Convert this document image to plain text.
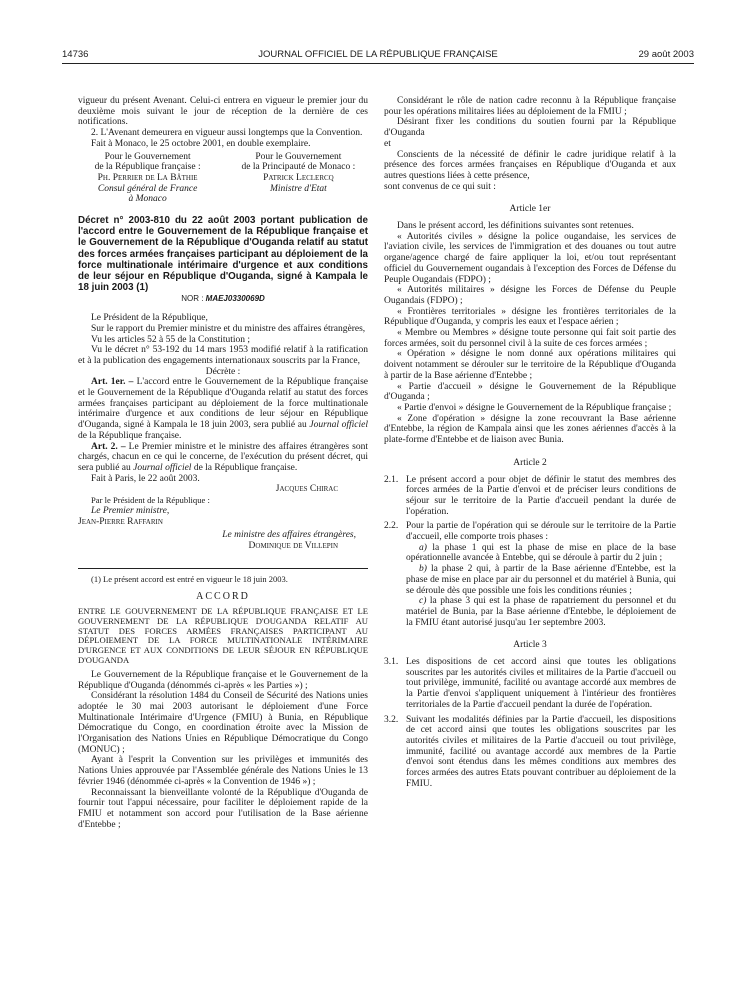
14736	JOURNAL OFFICIEL DE LA RÉPUBLIQUE FRANÇAISE	29 août 2003

vigueur du présent Avenant. Celui-ci entrera en vigueur le premier jour du deuxième mois suivant le jour de réception de la dernière de ces notifications.

2. L'Avenant demeurera en vigueur aussi longtemps que la Convention.

Fait à Monaco, le 25 octobre 2001, en double exemplaire.

Pour le Gouvernement
de la République française :
Ph. Perrier de La Bâthie
Consul général de France
à Monaco
Pour le Gouvernement
de la Principauté de Monaco :
Patrick Leclercq
Ministre d'Etat

Décret n° 2003-810 du 22 août 2003 portant publication de l'accord entre le Gouvernement de la République française et le Gouvernement de la République d'Ouganda relatif au statut des forces armées françaises participant au déploiement de la force multinationale intérimaire d'urgence et aux conditions de leur séjour en République d'Ouganda, signé à Kampala le 18 juin 2003 (1)

NOR : MAEJ0330069D

Le Président de la République,

Sur le rapport du Premier ministre et du ministre des affaires étrangères,

Vu les articles 52 à 55 de la Constitution ;

Vu le décret n° 53-192 du 14 mars 1953 modifié relatif à la ratification et à la publication des engagements internationaux souscrits par la France,

Décrète :

Art. 1er. – L'accord entre le Gouvernement de la République française et le Gouvernement de la République d'Ouganda relatif au statut des forces armées françaises participant au déploiement de la force multinationale intérimaire d'urgence et aux conditions de leur séjour en République d'Ouganda, signé à Kampala le 18 juin 2003, sera publié au Journal officiel de la République française.

Art. 2. – Le Premier ministre et le ministre des affaires étrangères sont chargés, chacun en ce qui le concerne, de l'exécution du présent décret, qui sera publié au Journal officiel de la République française.

Fait à Paris, le 22 août 2003.

Jacques Chirac

Par le Président de la République :

Le Premier ministre,

Jean-Pierre Raffarin

Le ministre des affaires étrangères,

Dominique de Villepin

(1) Le présent accord est entré en vigueur le 18 juin 2003.

ACCORD

ENTRE LE GOUVERNEMENT DE LA RÉPUBLIQUE FRANÇAISE ET LE GOUVERNEMENT DE LA RÉPUBLIQUE D'OUGANDA RELATIF AU STATUT DES FORCES ARMÉES FRANÇAISES PARTICIPANT AU DÉPLOIEMENT DE LA FORCE MULTINATIONALE INTÉRIMAIRE D'URGENCE ET AUX CONDITIONS DE LEUR SÉJOUR EN RÉPUBLIQUE D'OUGANDA

Le Gouvernement de la République française et le Gouvernement de la République d'Ouganda (dénommés ci-après « les Parties ») ;

Considérant la résolution 1484 du Conseil de Sécurité des Nations unies adoptée le 30 mai 2003 autorisant le déploiement d'une Force Multinationale Intérimaire d'Urgence (FMIU) à Bunia, en République Démocratique du Congo, en coordination étroite avec la Mission de l'Organisation des Nations Unies en République Démocratique du Congo (MONUC) ;

Ayant à l'esprit la Convention sur les privilèges et immunités des Nations Unies approuvée par l'Assemblée générale des Nations Unies le 13 février 1946 (dénommée ci-après « la Convention de 1946 ») ;

Reconnaissant la bienveillante volonté de la République d'Ouganda de fournir tout l'appui nécessaire, pour faciliter le déploiement rapide de la FMIU et notamment son accord pour l'utilisation de la Base aérienne d'Entebbe ;

Considérant le rôle de nation cadre reconnu à la République française pour les opérations militaires liées au déploiement de la FMIU ;

Désirant fixer les conditions du soutien fourni par la République d'Ouganda

et

Conscients de la nécessité de définir le cadre juridique relatif à la présence des forces armées françaises en République d'Ouganda et aux autres questions liées à cette présence,

sont convenus de ce qui suit :

Article 1er

Dans le présent accord, les définitions suivantes sont retenues.

« Autorités civiles » désigne la police ougandaise, les services de l'aviation civile, les services de l'immigration et des douanes ou tout autre organe/agence chargé de faire appliquer la loi, et/ou tout représentant officiel du Gouvernement ougandais à l'exception des Forces de Défense du Peuple Ougandais (FDPO) ;

« Autorités militaires » désigne les Forces de Défense du Peuple Ougandais (FDPO) ;

« Frontières territoriales » désigne les frontières territoriales de la République d'Ouganda, y compris les eaux et l'espace aérien ;

« Membre ou Membres » désigne toute personne qui fait soit partie des forces armées, soit du personnel civil à la suite de ces forces armées ;

« Opération » désigne le nom donné aux opérations militaires qui doivent notamment se dérouler sur le territoire de la République d'Ouganda à partir de la Base aérienne d'Entebbe ;

« Partie d'accueil » désigne le Gouvernement de la République d'Ouganda ;

« Partie d'envoi » désigne le Gouvernement de la République française ;

« Zone d'opération » désigne la zone recouvrant la Base aérienne d'Entebbe, la région de Kampala ainsi que les zones aériennes d'accès à la plate-forme d'Entebbe et de liaison avec Bunia.

Article 2

2.1. Le présent accord a pour objet de définir le statut des membres des forces armées de la Partie d'envoi et de préciser leurs conditions de séjour sur le territoire de la Partie d'accueil pendant la durée de l'opération.
2.2. Pour la partie de l'opération qui se déroule sur le territoire de la Partie d'accueil, elle comporte trois phases :
a) la phase 1 qui est la phase de mise en place de la base opérationnelle avancée à Entebbe, qui se déroule à partir du 2 juin ;
b) la phase 2 qui, à partir de la Base aérienne d'Entebbe, est la phase de mise en place par air du personnel et du matériel à Bunia, qui se déroule dès que possible une fois les conditions réunies ;
c) la phase 3 qui est la phase de rapatriement du personnel et du matériel de Bunia, par la Base aérienne d'Entebbe, le déploiement de la FMIU étant autorisé jusqu'au 1er septembre 2003.

Article 3

3.1. Les dispositions de cet accord ainsi que toutes les obligations souscrites par les autorités civiles et militaires de la Partie d'accueil ou tout privilège, immunité, facilité ou avantage accordé aux membres de la Partie d'envoi s'appliquent uniquement à l'intérieur des frontières territoriales de la Partie d'accueil pendant la durée de l'opération.
3.2. Suivant les modalités définies par la Partie d'accueil, les dispositions de cet accord ainsi que toutes les obligations souscrites par les autorités civiles et militaires de la Partie d'accueil ou tout privilège, immunité, facilité ou avantage accordé aux membres de la Partie d'envoi sont étendus dans les mêmes conditions aux membres des forces armées des autres Etats pouvant contribuer au déploiement de la FMIU.
